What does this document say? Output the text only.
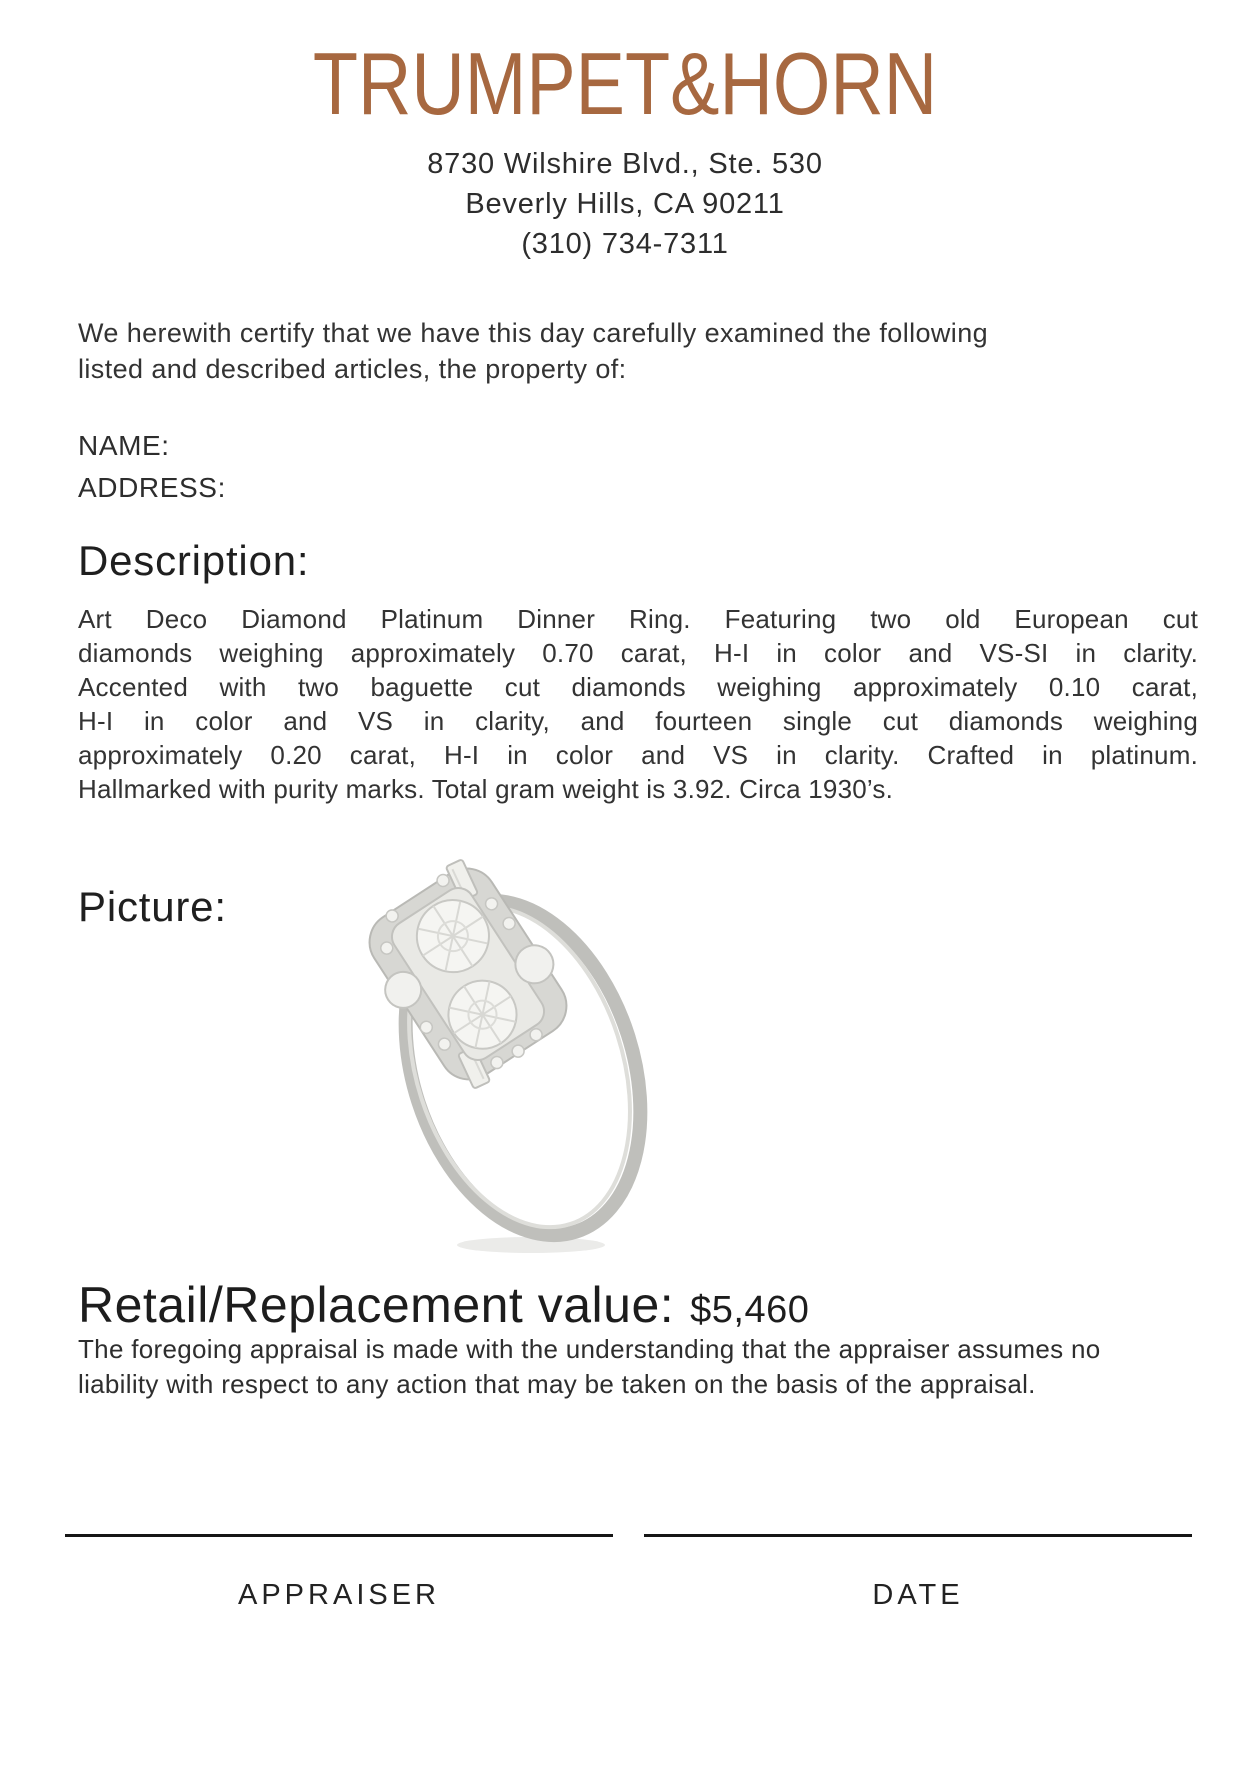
TRUMPET&HORN
8730 Wilshire Blvd., Ste. 530
Beverly Hills, CA 90211
(310) 734-7311
We herewith certify that we have this day carefully examined the following
listed and described articles, the property of:
NAME:
ADDRESS:
Description:
Art Deco Diamond Platinum Dinner Ring. Featuring two old European cut
diamonds weighing approximately 0.70 carat, H-I in color and VS-SI in clarity.
Accented with two baguette cut diamonds weighing approximately 0.10 carat,
H-I in color and VS in clarity, and fourteen single cut diamonds weighing
approximately 0.20 carat, H-I in color and VS in clarity. Crafted in platinum.
Hallmarked with purity marks. Total gram weight is 3.92. Circa 1930’s.
Picture:
Retail/Replacement value: $5,460
The foregoing appraisal is made with the understanding that the appraiser assumes no
liability with respect to any action that may be taken on the basis of the appraisal.
APPRAISER	DATE
